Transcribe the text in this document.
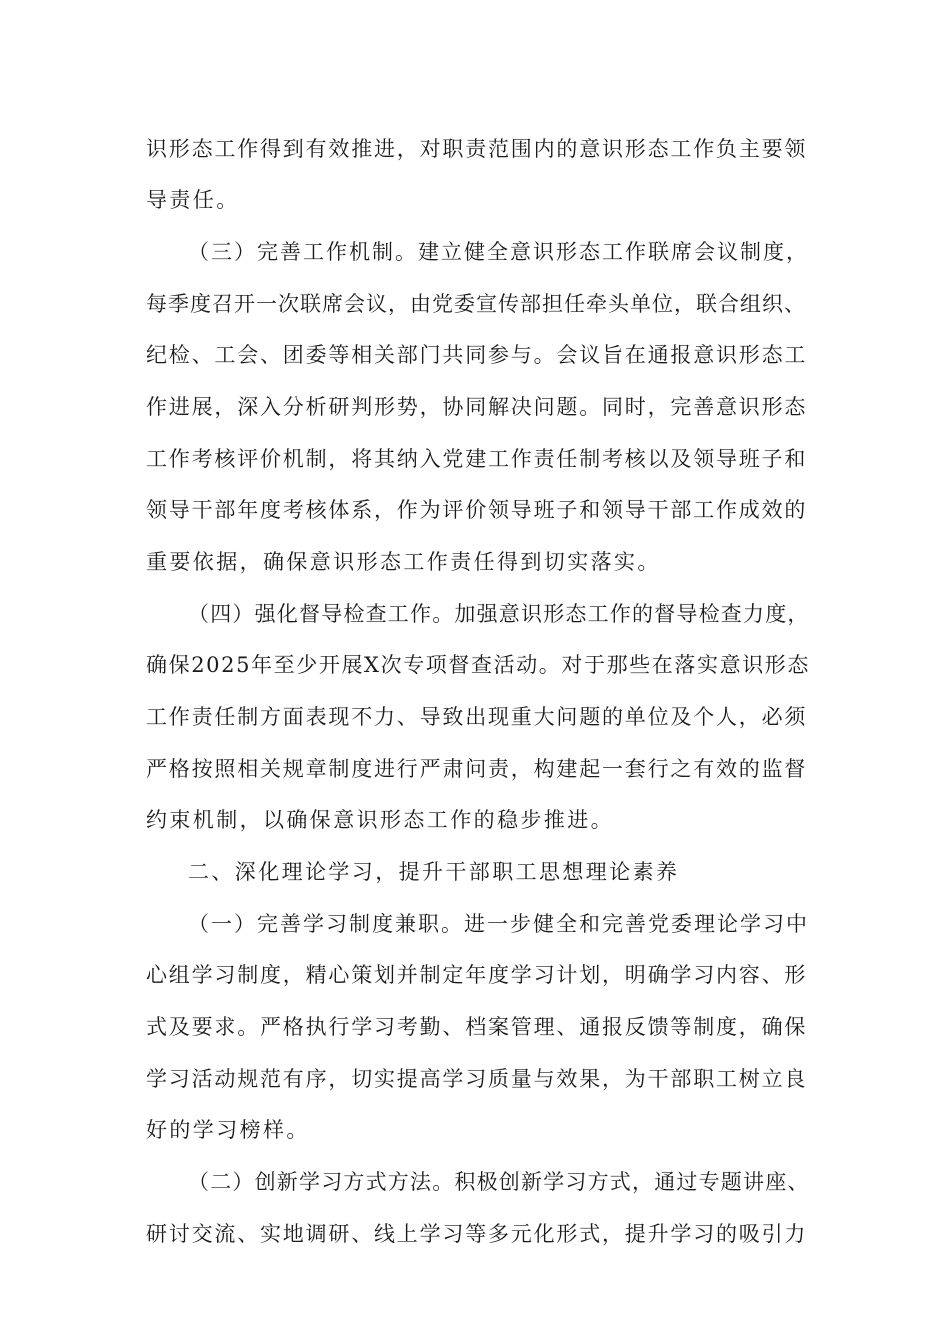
识形态工作得到有效推进，对职责范围内的意识形态工作负主要领
导责任。
（三）完善工作机制。建立健全意识形态工作联席会议制度，
每季度召开一次联席会议，由党委宣传部担任牵头单位，联合组织、
纪检、工会、团委等相关部门共同参与。会议旨在通报意识形态工
作进展，深入分析研判形势，协同解决问题。同时，完善意识形态
工作考核评价机制，将其纳入党建工作责任制考核以及领导班子和
领导干部年度考核体系，作为评价领导班子和领导干部工作成效的
重要依据，确保意识形态工作责任得到切实落实。
（四）强化督导检查工作。加强意识形态工作的督导检查力度，
确保2025年至少开展X次专项督查活动。对于那些在落实意识形态
工作责任制方面表现不力、导致出现重大问题的单位及个人，必须
严格按照相关规章制度进行严肃问责，构建起一套行之有效的监督
约束机制，以确保意识形态工作的稳步推进。
二、深化理论学习，提升干部职工思想理论素养
（一）完善学习制度兼职。进一步健全和完善党委理论学习中
心组学习制度，精心策划并制定年度学习计划，明确学习内容、形
式及要求。严格执行学习考勤、档案管理、通报反馈等制度，确保
学习活动规范有序，切实提高学习质量与效果，为干部职工树立良
好的学习榜样。
（二）创新学习方式方法。积极创新学习方式，通过专题讲座、
研讨交流、实地调研、线上学习等多元化形式，提升学习的吸引力
